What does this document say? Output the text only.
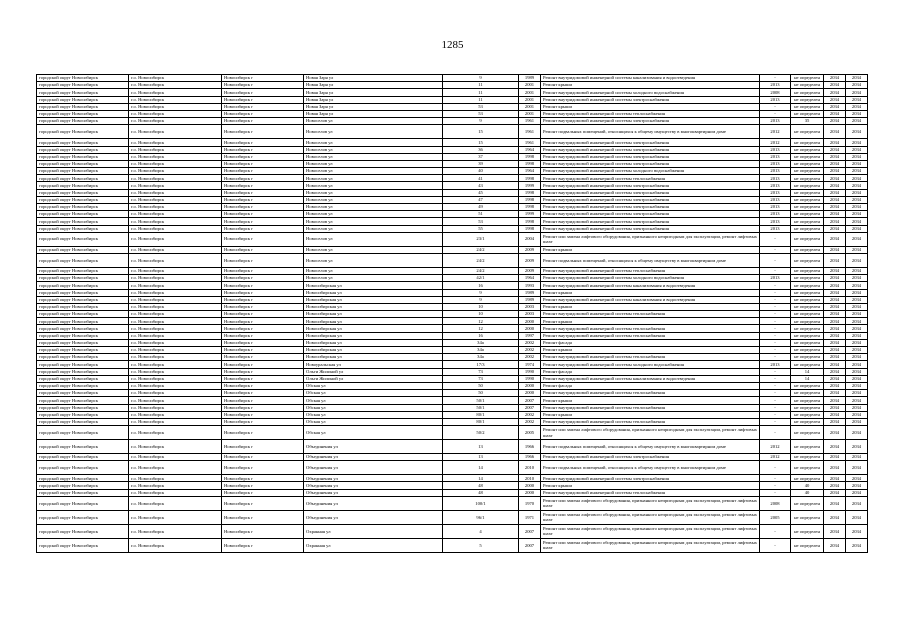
1285
городской округ Новосибирск	г.о. Новосибирск	Новосибирск г	Новая Заря ул	9	1989	Ремонт внутридомовой инженерной системы канализования и водоотведения	-	не определен	2034	2034
городской округ Новосибирск	г.о. Новосибирск	Новосибирск г	Новая Заря ул	11	2001	Ремонт крыши	2013	не определен	2034	2034
городской округ Новосибирск	г.о. Новосибирск	Новосибирск г	Новая Заря ул	11	2001	Ремонт внутридомовой инженерной системы холодного водоснабжения	2008	не определен	2034	2034
городской округ Новосибирск	г.о. Новосибирск	Новосибирск г	Новая Заря ул	11	2001	Ремонт внутридомовой инженерной системы электроснабжения	2013	не определен	2034	2034
городской округ Новосибирск	г.о. Новосибирск	Новосибирск г	Новая Заря ул	53	2001	Ремонт крыши	-	не определен	2034	2034
городской округ Новосибирск	г.о. Новосибирск	Новосибирск г	Новая Заря ул	53	2001	Ремонт внутридомовой инженерной системы теплоснабжения	-	не определен	2034	2034
городской округ Новосибирск	г.о. Новосибирск	Новосибирск г	Новоселов ул	9	1961	Ремонт внутридомовой инженерной системы электроснабжения	2013	35	2034	2034
городской округ Новосибирск	г.о. Новосибирск	Новосибирск г	Новоселов ул	15	1961	Ремонт подвальных помещений, относящихся к общему имуществу в многоквартирном доме	2012	не определен	2034	2034
городской округ Новосибирск	г.о. Новосибирск	Новосибирск г	Новоселов ул	15	1961	Ремонт внутридомовой инженерной системы электроснабжения	2012	не определен	2034	2034
городской округ Новосибирск	г.о. Новосибирск	Новосибирск г	Новоселов ул	36	1964	Ремонт внутридомовой инженерной системы электроснабжения	2013	не определен	2034	2034
городской округ Новосибирск	г.о. Новосибирск	Новосибирск г	Новоселов ул	37	1998	Ремонт внутридомовой инженерной системы электроснабжения	2013	не определен	2034	2034
городской округ Новосибирск	г.о. Новосибирск	Новосибирск г	Новоселов ул	39	1998	Ремонт внутридомовой инженерной системы электроснабжения	2013	не определен	2034	2034
городской округ Новосибирск	г.о. Новосибирск	Новосибирск г	Новоселов ул	40	1964	Ремонт внутридомовой инженерной системы холодного водоснабжения	2013	не определен	2034	2034
городской округ Новосибирск	г.о. Новосибирск	Новосибирск г	Новоселов ул	41	1998	Ремонт внутридомовой инженерной системы теплоснабжения	2013	не определен	2034	2034
городской округ Новосибирск	г.о. Новосибирск	Новосибирск г	Новоселов ул	43	1999	Ремонт внутридомовой инженерной системы электроснабжения	2013	не определен	2034	2034
городской округ Новосибирск	г.о. Новосибирск	Новосибирск г	Новоселов ул	45	1998	Ремонт внутридомовой инженерной системы электроснабжения	2013	не определен	2034	2034
городской округ Новосибирск	г.о. Новосибирск	Новосибирск г	Новоселов ул	47	1998	Ремонт внутридомовой инженерной системы электроснабжения	2013	не определен	2034	2034
городской округ Новосибирск	г.о. Новосибирск	Новосибирск г	Новоселов ул	49	1998	Ремонт внутридомовой инженерной системы электроснабжения	2013	не определен	2034	2034
городской округ Новосибирск	г.о. Новосибирск	Новосибирск г	Новоселов ул	51	1999	Ремонт внутридомовой инженерной системы электроснабжения	2013	не определен	2034	2034
городской округ Новосибирск	г.о. Новосибирск	Новосибирск г	Новоселов ул	53	1998	Ремонт внутридомовой инженерной системы электроснабжения	2013	не определен	2034	2034
городской округ Новосибирск	г.о. Новосибирск	Новосибирск г	Новоселов ул	55	1998	Ремонт внутридомовой инженерной системы электроснабжения	2013	не определен	2034	2034
городской округ Новосибирск	г.о. Новосибирск	Новосибирск г	Новоселов ул	23/1	2004	Ремонт или замена лифтового оборудования, признанного непригодным для эксплуатации, ремонт лифтовых шахт	-	не определен	2034	2034
городской округ Новосибирск	г.о. Новосибирск	Новосибирск г	Новоселов ул	24/2	2009	Ремонт крыши	-	не определен	2034	2034
городской округ Новосибирск	г.о. Новосибирск	Новосибирск г	Новоселов ул	24/2	2009	Ремонт подвальных помещений, относящихся к общему имуществу в многоквартирном доме	-	не определен	2034	2034
городской округ Новосибирск	г.о. Новосибирск	Новосибирск г	Новоселов ул	24/2	2009	Ремонт внутридомовой инженерной системы теплоснабжения	-	не определен	2034	2034
городской округ Новосибирск	г.о. Новосибирск	Новосибирск г	Новоселов ул	42/1	1964	Ремонт внутридомовой инженерной системы холодного водоснабжения	2013	не определен	2034	2034
городской округ Новосибирск	г.о. Новосибирск	Новосибирск г	Новосибирская ул	16	1993	Ремонт внутридомовой инженерной системы канализования и водоотведения	-	не определен	2034	2034
городской округ Новосибирск	г.о. Новосибирск	Новосибирск г	Новосибирская ул	9	1989	Ремонт крыши	-	не определен	2034	2034
городской округ Новосибирск	г.о. Новосибирск	Новосибирск г	Новосибирская ул	9	1989	Ремонт внутридомовой инженерной системы канализования и водоотведения	-	не определен	2034	2034
городской округ Новосибирск	г.о. Новосибирск	Новосибирск г	Новосибирская ул	10	2003	Ремонт крыши	-	не определен	2034	2034
городской округ Новосибирск	г.о. Новосибирск	Новосибирск г	Новосибирская ул	10	2003	Ремонт внутридомовой инженерной системы теплоснабжения	-	не определен	2034	2034
городской округ Новосибирск	г.о. Новосибирск	Новосибирск г	Новосибирская ул	12	2000	Ремонт крыши	-	не определен	2034	2034
городской округ Новосибирск	г.о. Новосибирск	Новосибирск г	Новосибирская ул	12	2000	Ремонт внутридомовой инженерной системы теплоснабжения	-	не определен	2034	2034
городской округ Новосибирск	г.о. Новосибирск	Новосибирск г	Новосибирская ул	16	1997	Ремонт внутридомовой инженерной системы теплоснабжения	-	не определен	2034	2034
городской округ Новосибирск	г.о. Новосибирск	Новосибирск г	Новосибирская ул	34а	2002	Ремонт фасада	-	не определен	2034	2034
городской округ Новосибирск	г.о. Новосибирск	Новосибирск г	Новосибирская ул	34а	2002	Ремонт крыши	-	не определен	2034	2034
городской округ Новосибирск	г.о. Новосибирск	Новосибирск г	Новосибирская ул	34а	2002	Ремонт внутридомовой инженерной системы теплоснабжения	-	не определен	2034	2034
городской округ Новосибирск	г.о. Новосибирск	Новосибирск г	Новоуральская ул	17/3	1974	Ремонт внутридомовой инженерной системы холодного водоснабжения	2013	не определен	2034	2034
городской округ Новосибирск	г.о. Новосибирск	Новосибирск г	Ольги Жилиной ул	73	1990	Ремонт фасада	-	14	2034	2034
городской округ Новосибирск	г.о. Новосибирск	Новосибирск г	Ольги Жилиной ул	73	1990	Ремонт внутридомовой инженерной системы канализования и водоотведения	-	14	2034	2034
городской округ Новосибирск	г.о. Новосибирск	Новосибирск г	Обская ул	50	2000	Ремонт фасада	-	не определен	2034	2034
городской округ Новосибирск	г.о. Новосибирск	Новосибирск г	Обская ул	50	2000	Ремонт внутридомовой инженерной системы теплоснабжения	-	не определен	2034	2034
городской округ Новосибирск	г.о. Новосибирск	Новосибирск г	Обская ул	50/1	2007	Ремонт крыши	-	не определен	2034	2034
городской округ Новосибирск	г.о. Новосибирск	Новосибирск г	Обская ул	50/1	2007	Ремонт внутридомовой инженерной системы теплоснабжения	-	не определен	2034	2034
городской округ Новосибирск	г.о. Новосибирск	Новосибирск г	Обская ул	80/1	2002	Ремонт крыши	-	не определен	2034	2034
городской округ Новосибирск	г.о. Новосибирск	Новосибирск г	Обская ул	80/1	2002	Ремонт внутридомовой инженерной системы теплоснабжения	-	не определен	2034	2034
городской округ Новосибирск	г.о. Новосибирск	Новосибирск г	Обская ул	50/2	2005	Ремонт или замена лифтового оборудования, признанного непригодным для эксплуатации, ремонт лифтовых шахт	-	не определен	2034	2034
городской округ Новосибирск	г.о. Новосибирск	Новосибирск г	Объединения ул	13	1966	Ремонт подвальных помещений, относящихся к общему имуществу в многоквартирном доме	2012	не определен	2034	2034
городской округ Новосибирск	г.о. Новосибирск	Новосибирск г	Объединения ул	13	1966	Ремонт внутридомовой инженерной системы электроснабжения	2012	не определен	2034	2034
городской округ Новосибирск	г.о. Новосибирск	Новосибирск г	Объединения ул	14	2010	Ремонт подвальных помещений, относящихся к общему имуществу в многоквартирном доме	-	не определен	2034	2034
городской округ Новосибирск	г.о. Новосибирск	Новосибирск г	Объединения ул	14	2010	Ремонт внутридомовой инженерной системы электроснабжения	-	не определен	2034	2034
городской округ Новосибирск	г.о. Новосибирск	Новосибирск г	Объединения ул	48	2000	Ремонт крыши	-	40	2034	2034
городской округ Новосибирск	г.о. Новосибирск	Новосибирск г	Объединения ул	48	2000	Ремонт внутридомовой инженерной системы теплоснабжения	-	40	2034	2034
городской округ Новосибирск	г.о. Новосибирск	Новосибирск г	Объединения ул	100/1	1970	Ремонт или замена лифтового оборудования, признанного непригодным для эксплуатации, ремонт лифтовых шахт	2008	не определен	2034	2034
городской округ Новосибирск	г.о. Новосибирск	Новосибирск г	Объединения ул	96/1	1971	Ремонт или замена лифтового оборудования, признанного непригодным для эксплуатации, ремонт лифтовых шахт	2005	не определен	2034	2034
городской округ Новосибирск	г.о. Новосибирск	Новосибирск г	Охранная ул	4	2007	Ремонт или замена лифтового оборудования, признанного непригодным для эксплуатации, ремонт лифтовых шахт	-	не определен	2034	2034
городской округ Новосибирск	г.о. Новосибирск	Новосибирск г	Охранная ул	5	2007	Ремонт или замена лифтового оборудования, признанного непригодным для эксплуатации, ремонт лифтовых шахт	-	не определен	2034	2034
